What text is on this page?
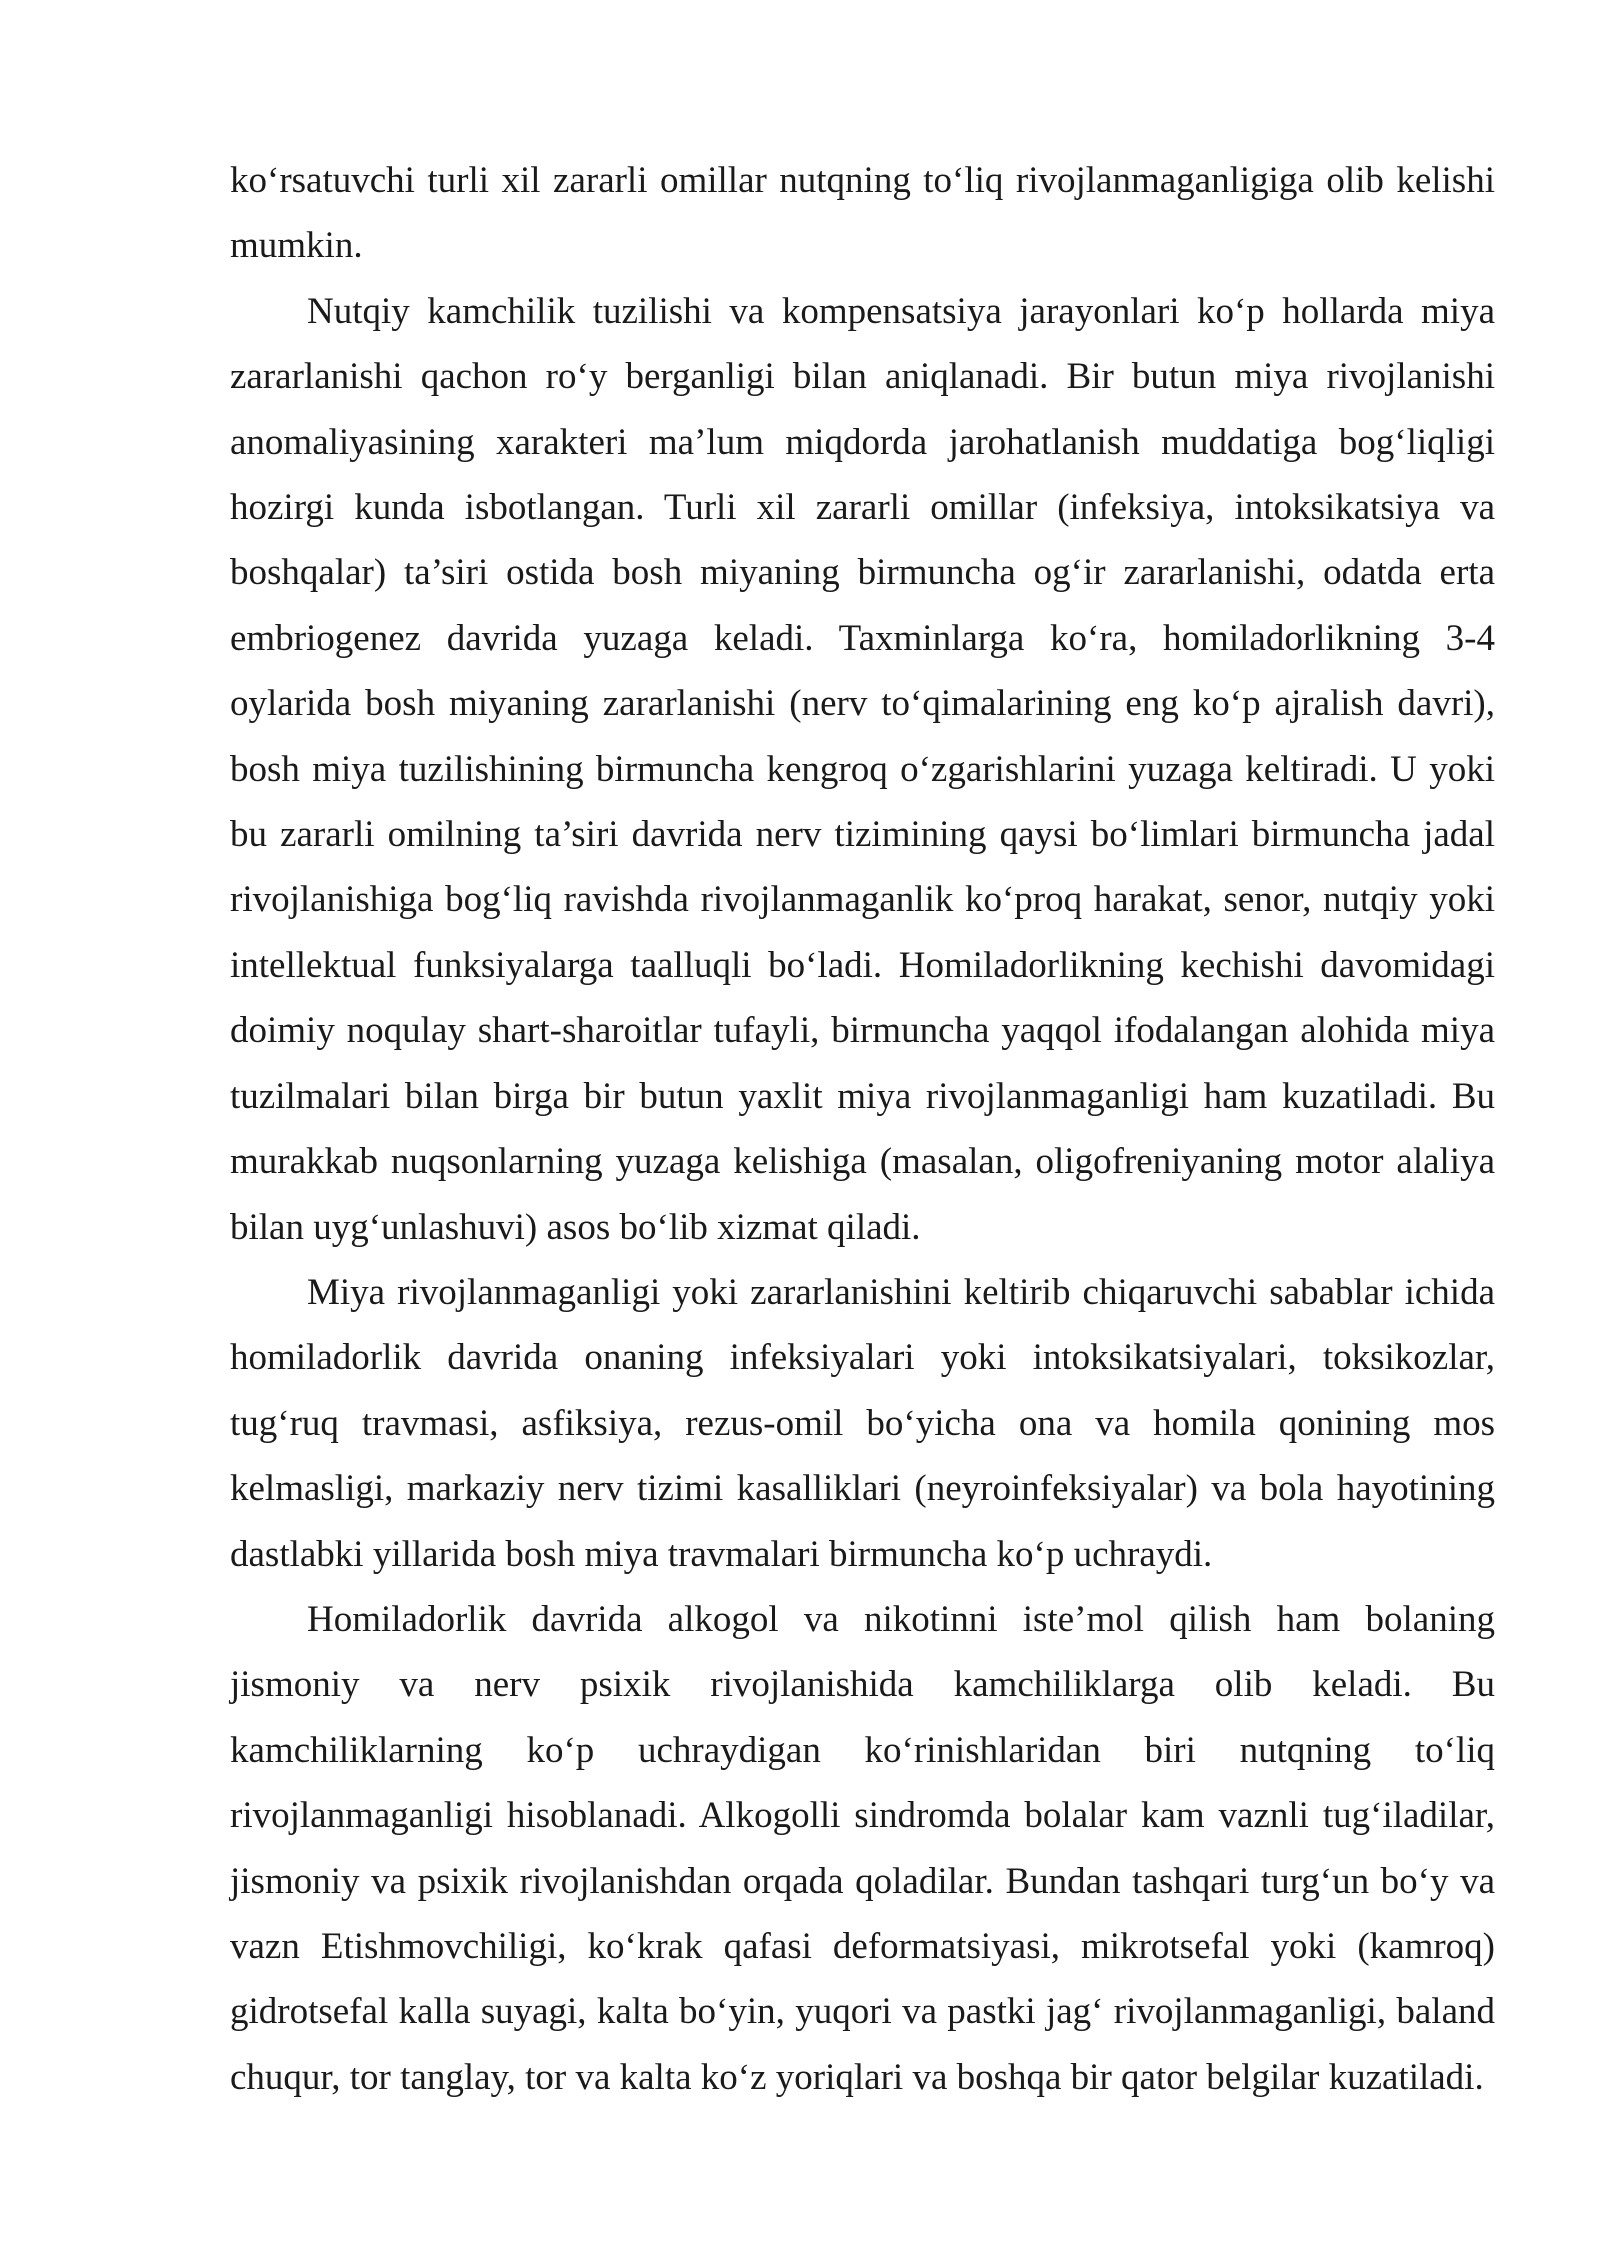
ko‘rsatuvchi turli xil zararli omillar nutqning to‘liq rivojlanmaganligiga olib kelishi mumkin.

Nutqiy kamchilik tuzilishi va kompensatsiya jarayonlari ko‘p hollarda miya zararlanishi qachon ro‘y berganligi bilan aniqlanadi. Bir butun miya rivojlanishi anomaliyasining xarakteri ma’lum miqdorda jarohatlanish muddatiga bog‘liqligi hozirgi kunda isbotlangan. Turli xil zararli omillar (infeksiya, intoksikatsiya va boshqalar) ta’siri ostida bosh miyaning birmuncha og‘ir zararlanishi, odatda erta embriogenez davrida yuzaga keladi. Taxminlarga ko‘ra, homiladorlikning 3-4 oylarida bosh miyaning zararlanishi (nerv to‘qimalarining eng ko‘p ajralish davri), bosh miya tuzilishining birmuncha kengroq o‘zgarishlarini yuzaga keltiradi. U yoki bu zararli omilning ta’siri davrida nerv tizimining qaysi bo‘limlari birmuncha jadal rivojlanishiga bog‘liq ravishda rivojlanmaganlik ko‘proq harakat, senor, nutqiy yoki intellektual funksiyalarga taalluqli bo‘ladi. Homiladorlikning kechishi davomidagi doimiy noqulay shart-sharoitlar tufayli, birmuncha yaqqol ifodalangan alohida miya tuzilmalari bilan birga bir butun yaxlit miya rivojlanmaganligi ham kuzatiladi. Bu murakkab nuqsonlarning yuzaga kelishiga (masalan, oligofreniyaning motor alaliya bilan uyg‘unlashuvi) asos bo‘lib xizmat qiladi.

Miya rivojlanmaganligi yoki zararlanishini keltirib chiqaruvchi sabablar ichida homiladorlik davrida onaning infeksiyalari yoki intoksikatsiyalari, toksikozlar, tug‘ruq travmasi, asfiksiya, rezus-omil bo‘yicha ona va homila qonining mos kelmasligi, markaziy nerv tizimi kasalliklari (neyroinfeksiyalar) va bola hayotining dastlabki yillarida bosh miya travmalari birmuncha ko‘p uchraydi.

Homiladorlik davrida alkogol va nikotinni iste’mol qilish ham bolaning jismoniy va nerv psixik rivojlanishida kamchiliklarga olib keladi. Bu kamchiliklarning ko‘p uchraydigan ko‘rinishlaridan biri nutqning to‘liq rivojlanmaganligi hisoblanadi. Alkogolli sindromda bolalar kam vaznli tug‘iladilar, jismoniy va psixik rivojlanishdan orqada qoladilar. Bundan tashqari turg‘un bo‘y va vazn Etishmovchiligi, ko‘krak qafasi deformatsiyasi, mikrotsefal yoki (kamroq) gidrotsefal kalla suyagi, kalta bo‘yin, yuqori va pastki jag‘ rivojlanmaganligi, baland chuqur, tor tanglay, tor va kalta ko‘z yoriqlari va boshqa bir qator belgilar kuzatiladi.
